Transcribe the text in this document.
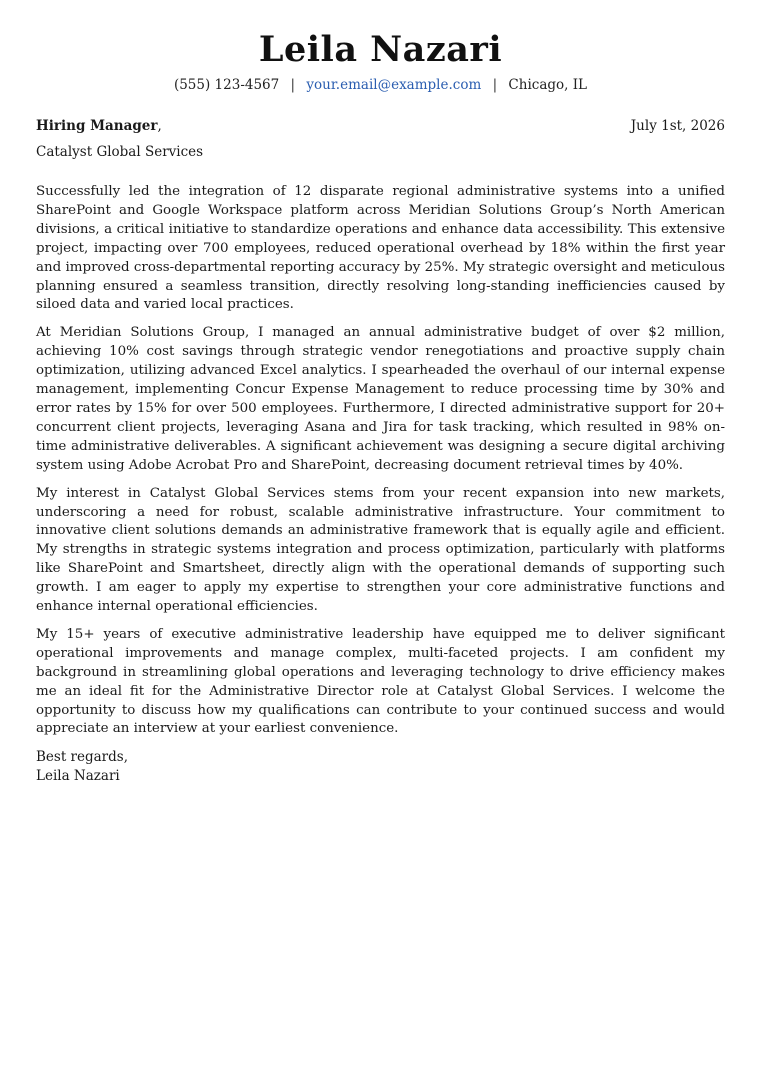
Leila Nazari
(555) 123-4567 | your.email@example.com | Chicago, IL
Hiring Manager,	July 1st, 2026
Catalyst Global Services

Successfully led the integration of 12 disparate regional administrative systems into a unified SharePoint and Google Workspace platform across Meridian Solutions Group’s North American divisions, a critical initiative to standardize operations and enhance data accessibility. This extensive project, impacting over 700 employees, reduced operational overhead by 18% within the first year and improved cross-departmental reporting accuracy by 25%. My strategic oversight and meticulous planning ensured a seamless transition, directly resolving long-standing inefficiencies caused by siloed data and varied local practices.

At Meridian Solutions Group, I managed an annual administrative budget of over $2 million, achieving 10% cost savings through strategic vendor renegotiations and proactive supply chain optimization, utilizing advanced Excel analytics. I spearheaded the overhaul of our internal expense management, implementing Concur Expense Management to reduce processing time by 30% and error rates by 15% for over 500 employees. Furthermore, I directed administrative support for 20+ concurrent client projects, leveraging Asana and Jira for task tracking, which resulted in 98% on-time administrative deliverables. A significant achievement was designing a secure digital archiving system using Adobe Acrobat Pro and SharePoint, decreasing document retrieval times by 40%.

My interest in Catalyst Global Services stems from your recent expansion into new markets, underscoring a need for robust, scalable administrative infrastructure. Your commitment to innovative client solutions demands an administrative framework that is equally agile and efficient. My strengths in strategic systems integration and process optimization, particularly with platforms like SharePoint and Smartsheet, directly align with the operational demands of supporting such growth. I am eager to apply my expertise to strengthen your core administrative functions and enhance internal operational efficiencies.

My 15+ years of executive administrative leadership have equipped me to deliver significant operational improvements and manage complex, multi-faceted projects. I am confident my background in streamlining global operations and leveraging technology to drive efficiency makes me an ideal fit for the Administrative Director role at Catalyst Global Services. I welcome the opportunity to discuss how my qualifications can contribute to your continued success and would appreciate an interview at your earliest convenience.

Best regards,
Leila Nazari
